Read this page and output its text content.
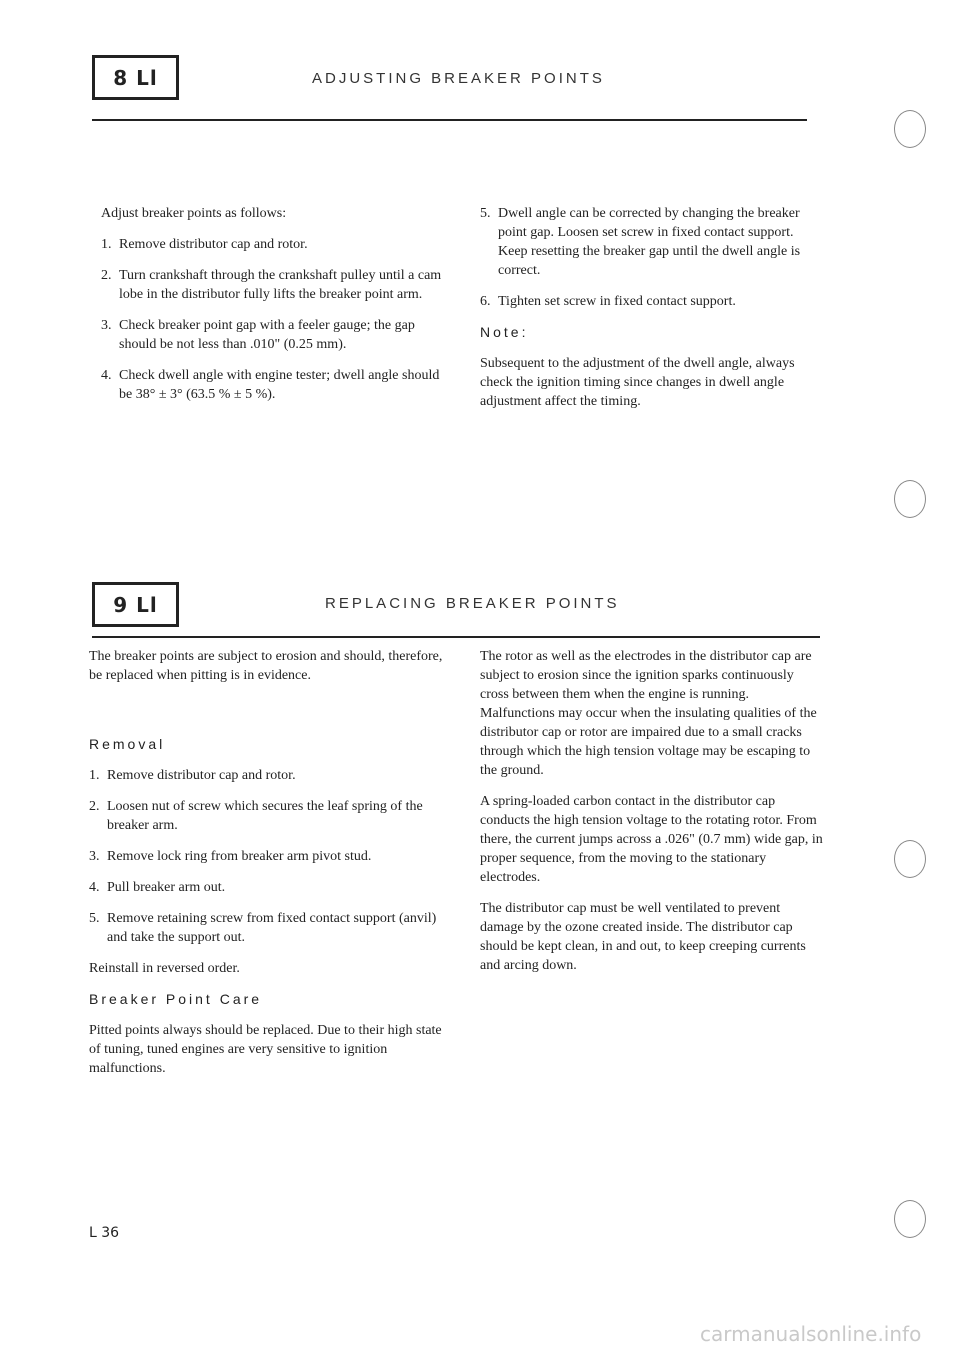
8 Ll	ADJUSTING BREAKER POINTS

Adjust breaker points as follows:

1. Remove distributor cap and rotor.
2. Turn crankshaft through the crankshaft pulley until a cam lobe in the distributor fully lifts the breaker point arm.
3. Check breaker point gap with a feeler gauge; the gap should be not less than .010" (0.25 mm).
4. Check dwell angle with engine tester; dwell angle should be 38° ± 3° (63.5 % ± 5 %).
5. Dwell angle can be corrected by changing the breaker point gap. Loosen set screw in fixed contact support. Keep resetting the breaker gap until the dwell angle is correct.
6. Tighten set screw in fixed contact support.

Note:

Subsequent to the adjustment of the dwell angle, always check the ignition timing since changes in dwell angle adjustment affect the timing.

9 Ll	REPLACING BREAKER POINTS

The breaker points are subject to erosion and should, therefore, be replaced when pitting is in evidence.

Removal

1. Remove distributor cap and rotor.
2. Loosen nut of screw which secures the leaf spring of the breaker arm.
3. Remove lock ring from breaker arm pivot stud.
4. Pull breaker arm out.
5. Remove retaining screw from fixed contact support (anvil) and take the support out.

Reinstall in reversed order.

Breaker Point Care

Pitted points always should be replaced. Due to their high state of tuning, tuned engines are very sensitive to ignition malfunctions.

The rotor as well as the electrodes in the distributor cap are subject to erosion since the ignition sparks continuously cross between them when the engine is running. Malfunctions may occur when the insulating qualities of the distributor cap or rotor are impaired due to a small cracks through which the high tension voltage may be escaping to the ground.

A spring-loaded carbon contact in the distributor cap conducts the high tension voltage to the rotating rotor. From there, the current jumps across a .026" (0.7 mm) wide gap, in proper sequence, from the moving to the stationary electrodes.

The distributor cap must be well ventilated to prevent damage by the ozone created inside. The distributor cap should be kept clean, in and out, to keep creeping currents and arcing down.

L 36
carmanualsonline.info
